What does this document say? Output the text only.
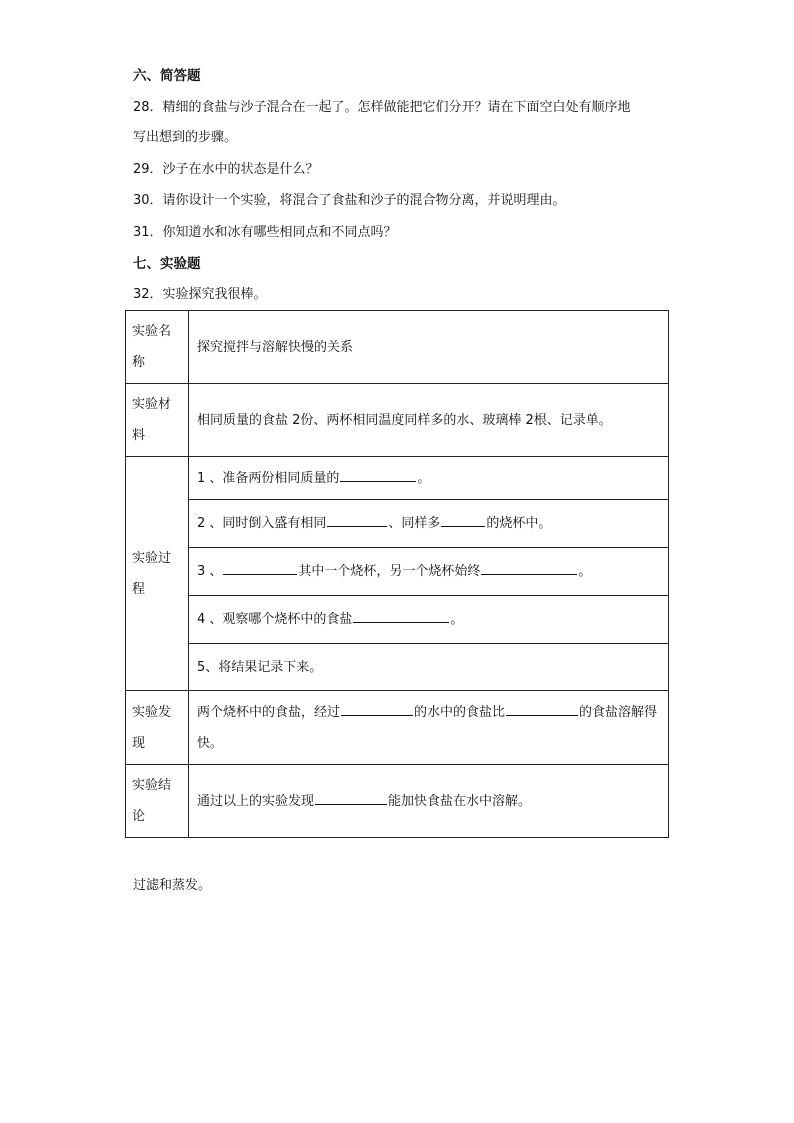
六、简答题
28．精细的食盐与沙子混合在一起了。怎样做能把它们分开？请在下面空白处有顺序地
写出想到的步骤。
29．沙子在水中的状态是什么？
30．请你设计一个实验，将混合了食盐和沙子的混合物分离，并说明理由。
31．你知道水和冰有哪些相同点和不同点吗？
七、实验题
32．实验探究我很棒。
实验名称	探究搅拌与溶解快慢的关系
实验材料	相同质量的食盐 2份、两杯相同温度同样多的水、玻璃棒 2根、记录单。
实验过程	1 、准备两份相同质量的 。
	2 、同时倒入盛有相同 、同样多 的烧杯中。
	3 、 其中一个烧杯，另一个烧杯始终 。
	4 、观察哪个烧杯中的食盐 。
	5、将结果记录下来。
实验发现	两个烧杯中的食盐，经过 的水中的食盐比 的食盐溶解得快。
实验结论	通过以上的实验发现 能加快食盐在水中溶解。
过滤和蒸发。
